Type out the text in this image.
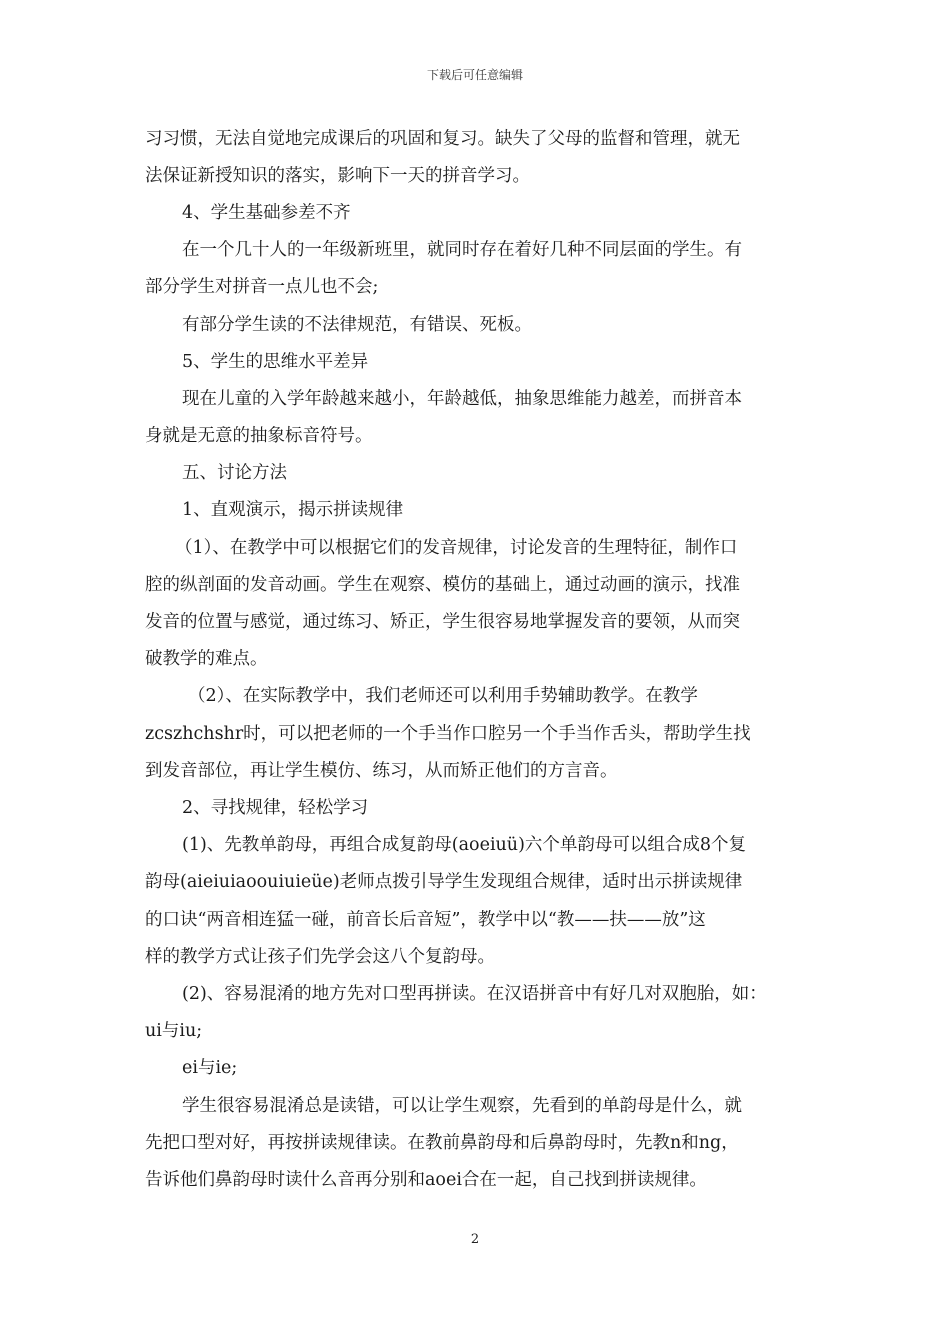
下载后可任意编辑
习习惯，无法自觉地完成课后的巩固和复习。缺失了父母的监督和管理，就无
法保证新授知识的落实，影响下一天的拼音学习。
4、学生基础参差不齐
在一个几十人的一年级新班里，就同时存在着好几种不同层面的学生。有
部分学生对拼音一点儿也不会;
有部分学生读的不法律规范，有错误、死板。
5、学生的思维水平差异
现在儿童的入学年龄越来越小，年龄越低，抽象思维能力越差，而拼音本
身就是无意的抽象标音符号。
五、讨论方法
1、直观演示，揭示拼读规律
（1）、在教学中可以根据它们的发音规律，讨论发音的生理特征，制作口
腔的纵剖面的发音动画。学生在观察、模仿的基础上，通过动画的演示，找准
发音的位置与感觉，通过练习、矫正，学生很容易地掌握发音的要领，从而突
破教学的难点。
（2）、在实际教学中，我们老师还可以利用手势辅助教学。在教学
zcszhchshr时，可以把老师的一个手当作口腔另一个手当作舌头，帮助学生找
到发音部位，再让学生模仿、练习，从而矫正他们的方言音。
2、寻找规律，轻松学习
(1)、先教单韵母，再组合成复韵母(aoeiuü)六个单韵母可以组合成8个复
韵母(aieiuiaoouiuieüe)老师点拨引导学生发现组合规律，适时出示拼读规律
的口诀“两音相连猛一碰，前音长后音短”，教学中以“教——扶——放”这
样的教学方式让孩子们先学会这八个复韵母。
(2)、容易混淆的地方先对口型再拼读。在汉语拼音中有好几对双胞胎，如：
ui与iu;
ei与ie;
学生很容易混淆总是读错，可以让学生观察，先看到的单韵母是什么，就
先把口型对好，再按拼读规律读。在教前鼻韵母和后鼻韵母时，先教n和ng，
告诉他们鼻韵母时读什么音再分别和aoei合在一起，自己找到拼读规律。
2
